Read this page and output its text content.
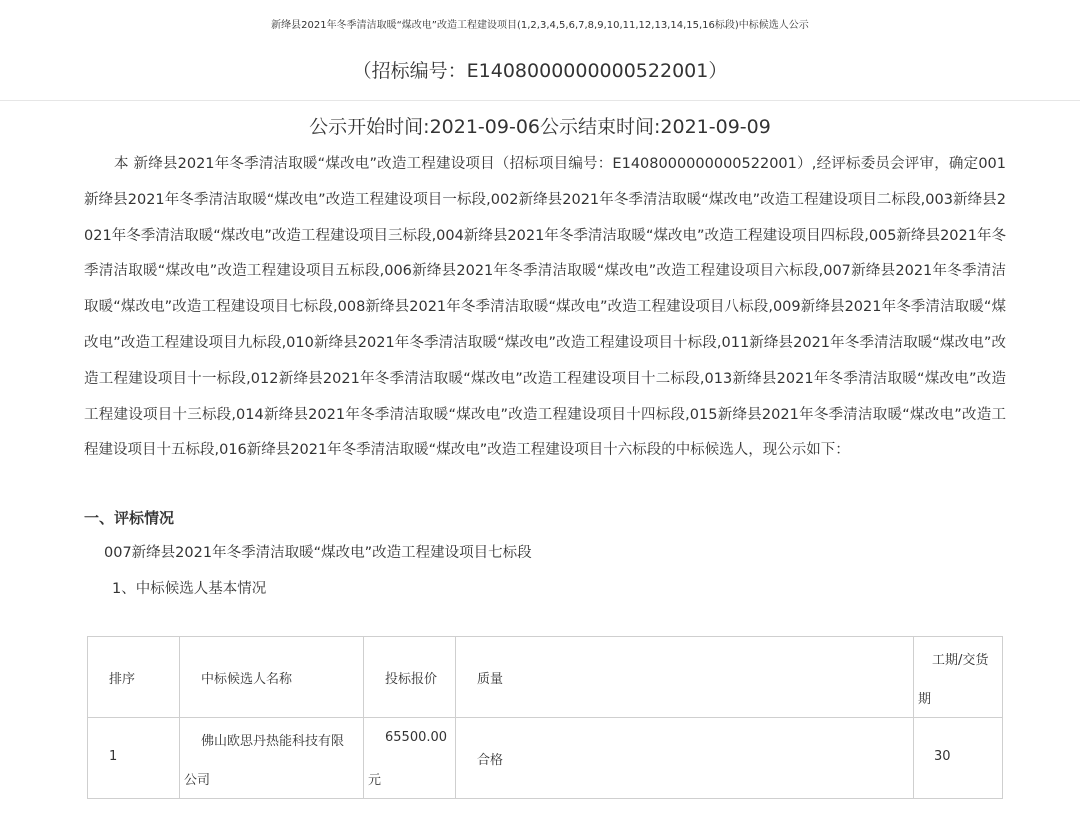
新绛县2021年冬季清洁取暖“煤改电”改造工程建设项目(1,2,3,4,5,6,7,8,9,10,11,12,13,14,15,16标段)中标候选人公示
（招标编号：E1408000000000522001）
公示开始时间:2021-09-06公示结束时间:2021-09-09

本 新绛县2021年冬季清洁取暖“煤改电”改造工程建设项目（招标项目编号：E1408000000000522001）,经评标委员会评审，确定001新绛县2021年冬季清洁取暖“煤改电”改造工程建设项目一标段,002新绛县2021年冬季清洁取暖“煤改电”改造工程建设项目二标段,003新绛县2021年冬季清洁取暖“煤改电”改造工程建设项目三标段,004新绛县2021年冬季清洁取暖“煤改电”改造工程建设项目四标段,005新绛县2021年冬季清洁取暖“煤改电”改造工程建设项目五标段,006新绛县2021年冬季清洁取暖“煤改电”改造工程建设项目六标段,007新绛县2021年冬季清洁取暖“煤改电”改造工程建设项目七标段,008新绛县2021年冬季清洁取暖“煤改电”改造工程建设项目八标段,009新绛县2021年冬季清洁取暖“煤改电”改造工程建设项目九标段,010新绛县2021年冬季清洁取暖“煤改电”改造工程建设项目十标段,011新绛县2021年冬季清洁取暖“煤改电”改造工程建设项目十一标段,012新绛县2021年冬季清洁取暖“煤改电”改造工程建设项目十二标段,013新绛县2021年冬季清洁取暖“煤改电”改造工程建设项目十三标段,014新绛县2021年冬季清洁取暖“煤改电”改造工程建设项目十四标段,015新绛县2021年冬季清洁取暖“煤改电”改造工程建设项目十五标段,016新绛县2021年冬季清洁取暖“煤改电”改造工程建设项目十六标段的中标候选人，现公示如下：

一、评标情况
007新绛县2021年冬季清洁取暖“煤改电”改造工程建设项目七标段
1、中标候选人基本情况
排序	中标候选人名称	投标报价	质量	工期/交货
期

1	佛山欧思丹热能科技有限
公司	65500.00
元	合格	30
